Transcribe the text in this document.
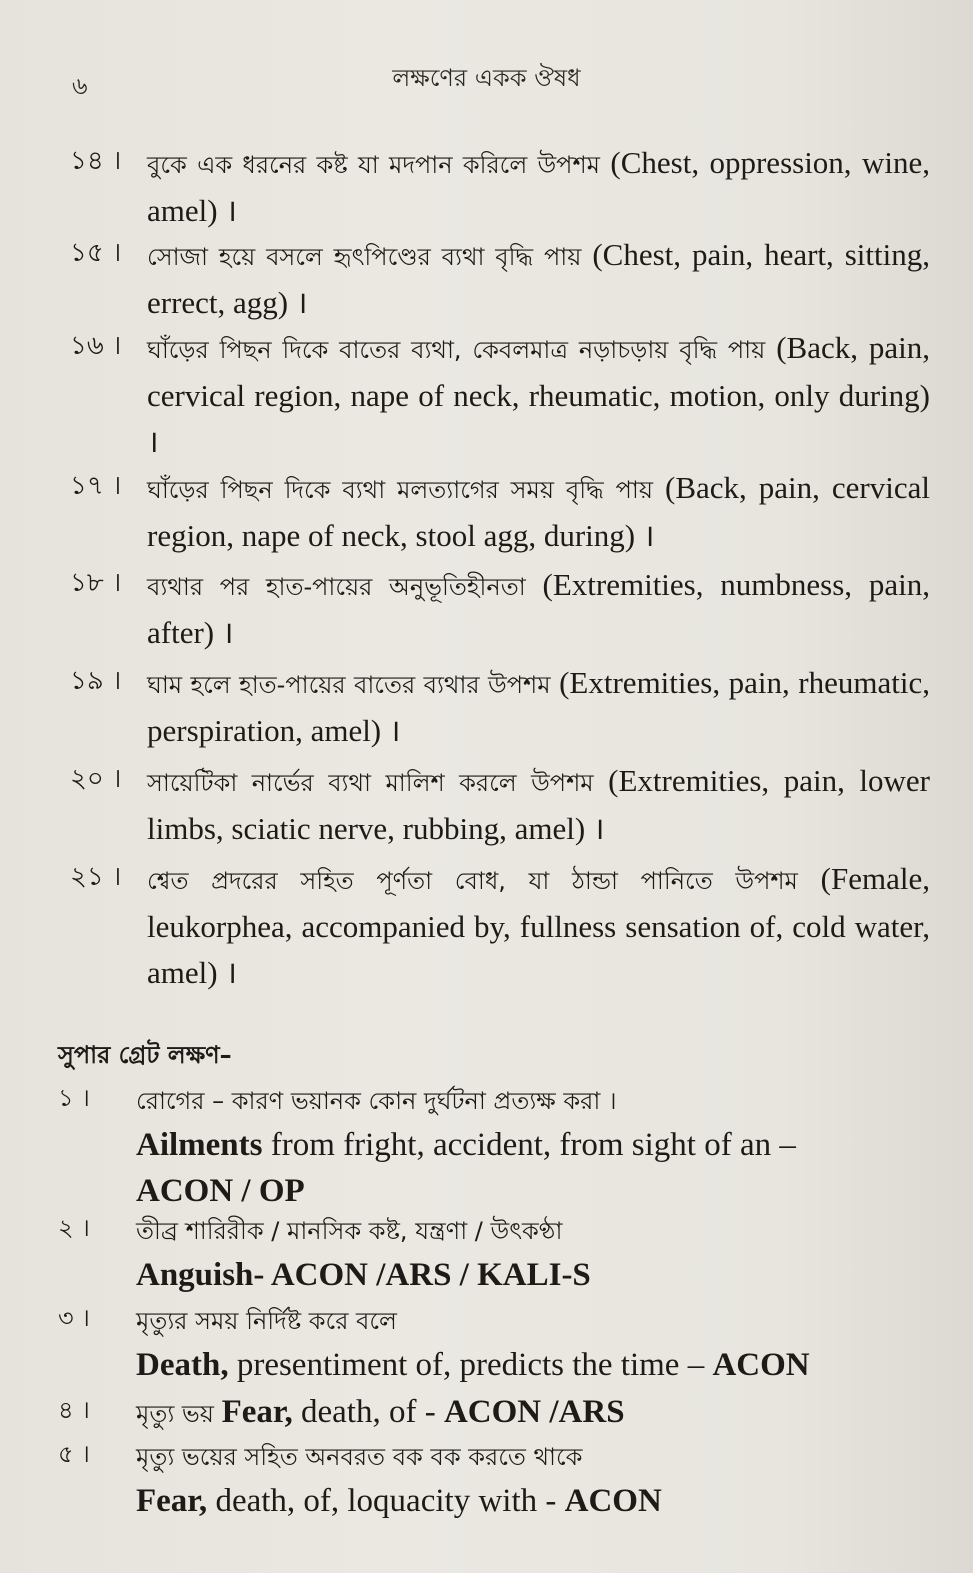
৬	লক্ষণের একক ঔষধ
১৪ । বুকে এক ধরনের কষ্ট যা মদপান করিলে উপশম (Chest, oppression, wine, amel) ।
১৫ । সোজা হয়ে বসলে হৃৎপিণ্ডের ব্যথা বৃদ্ধি পায় (Chest, pain, heart, sitting, errect, agg) ।
১৬ । ঘাঁড়ের পিছন দিকে বাতের ব্যথা, কেবলমাত্র নড়াচড়ায় বৃদ্ধি পায় (Back, pain, cervical region, nape of neck, rheumatic, motion, only during) ।
১৭ । ঘাঁড়ের পিছন দিকে ব্যথা মলত্যাগের সময় বৃদ্ধি পায় (Back, pain, cervical region, nape of neck, stool agg, during) ।
১৮ । ব্যথার পর হাত-পায়ের অনুভূতিহীনতা (Extremities, numbness, pain, after) ।
১৯ । ঘাম হলে হাত-পায়ের বাতের ব্যথার উপশম (Extremities, pain, rheumatic, perspiration, amel) ।
২০ । সায়েটিকা নার্ভের ব্যথা মালিশ করলে উপশম (Extremities, pain, lower limbs, sciatic nerve, rubbing, amel) ।
২১ । শ্বেত প্রদরের সহিত পূর্ণতা বোধ, যা ঠান্ডা পানিতে উপশম (Female, leukorphea, accompanied by, fullness sensation of, cold water, amel) ।
সুপার গ্রেট লক্ষণ–
১ । রোগের – কারণ ভয়ানক কোন দুর্ঘটনা প্রত্যক্ষ করা ।
Ailments from fright, accident, from sight of an –
ACON / OP
২ । তীব্র শারিরীক / মানসিক কষ্ট, যন্ত্রণা / উৎকণ্ঠা
Anguish- ACON /ARS / KALI-S
৩ । মৃত্যুর সময় নির্দিষ্ট করে বলে
Death, presentiment of, predicts the time – ACON
৪ । মৃত্যু ভয় Fear, death, of - ACON /ARS
৫ । মৃত্যু ভয়ের সহিত অনবরত বক বক করতে থাকে
Fear, death, of, loquacity with - ACON
